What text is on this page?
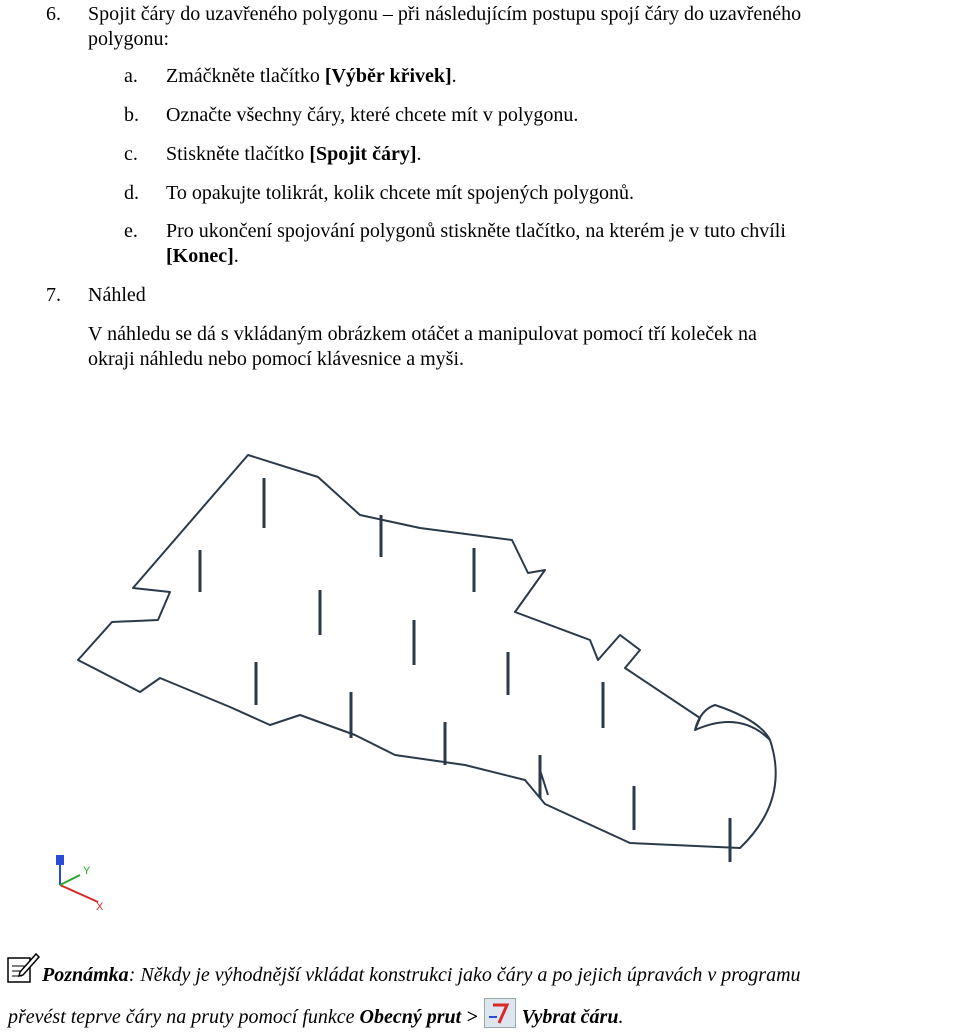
6. Spojit čáry do uzavřeného polygonu – při následujícím postupu spojí čáry do uzavřeného
polygonu:
a. Zmáčkněte tlačítko [Výběr křivek].
b. Označte všechny čáry, které chcete mít v polygonu.
c. Stiskněte tlačítko [Spojit čáry].
d. To opakujte tolikrát, kolik chcete mít spojených polygonů.
e. Pro ukončení spojování polygonů stiskněte tlačítko, na kterém je v tuto chvíli
[Konec].
7. Náhled
V náhledu se dá s vkládaným obrázkem otáčet a manipulovat pomocí tří koleček na
okraji náhledu nebo pomocí klávesnice a myši.
Y
X
Poznámka: Někdy je výhodnější vkládat konstrukci jako čáry a po jejich úpravách v programu
převést teprve čáry na pruty pomocí funkce Obecný prut > Vybrat čáru.
